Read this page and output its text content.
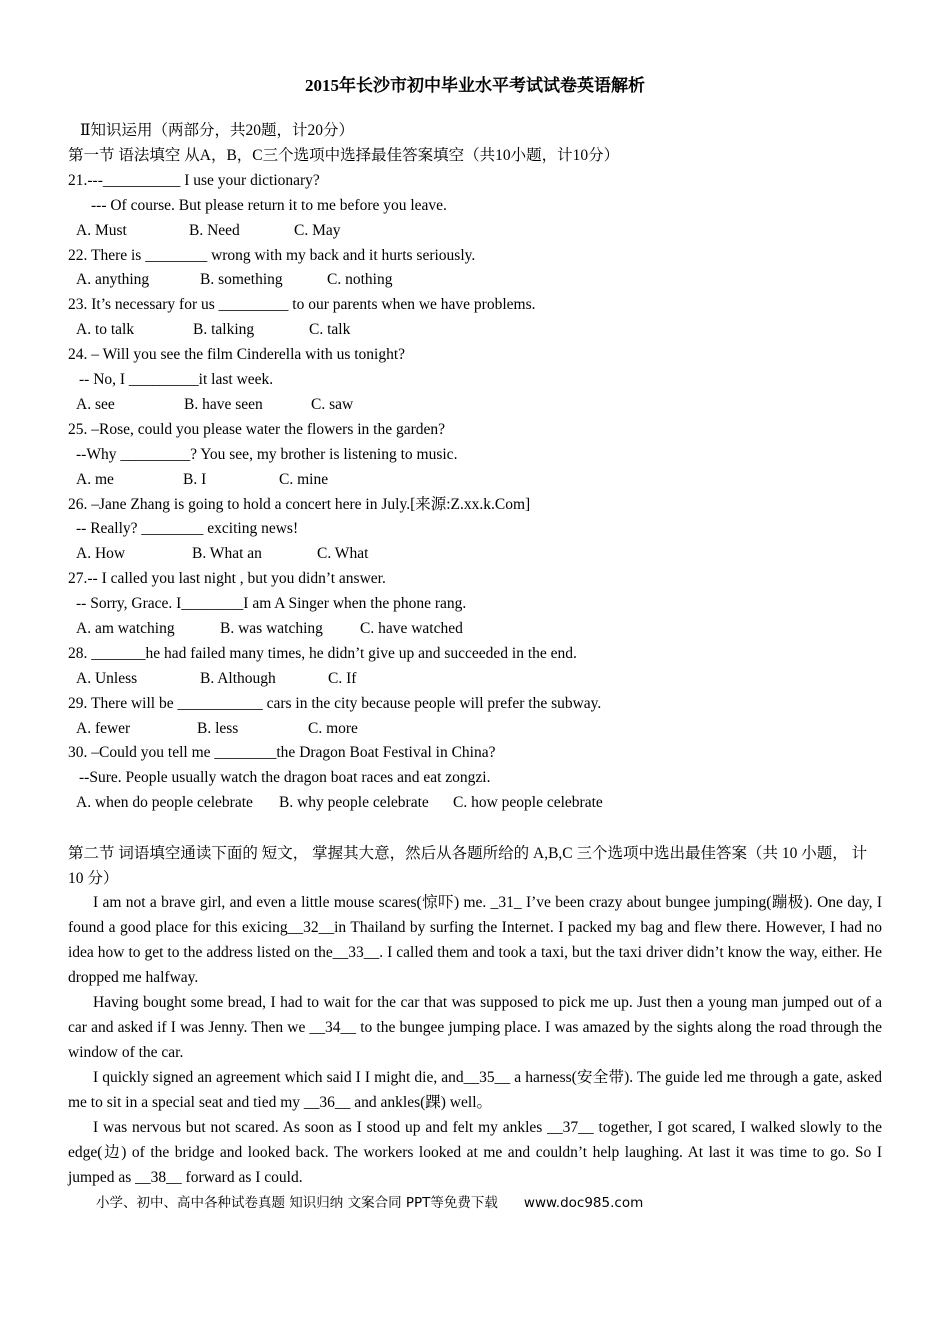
2015年长沙市初中毕业水平考试试卷英语解析
Ⅱ知识运用（两部分，共20题，计20分）
第一节 语法填空 从A，B，C三个选项中选择最佳答案填空（共10小题，计10分）
21.---__________ I use your dictionary?
--- Of course. But please return it to me before you leave.
A. Must	B. Need	C. May
22. There is ________ wrong with my back and it hurts seriously.
A. anything	B. something	C. nothing
23. It’s necessary for us _________ to our parents when we have problems.
A. to talk	B. talking	C. talk
24. – Will you see the film Cinderella with us tonight?
-- No, I _________it last week.
A. see	B. have seen	C. saw
25. –Rose, could you please water the flowers in the garden?
--Why _________? You see, my brother is listening to music.
A. me	B. I	C. mine
26. –Jane Zhang is going to hold a concert here in July.[来源:Z.xx.k.Com]
-- Really? ________ exciting news!
A. How	B. What an	C. What
27.-- I called you last night , but you didn’t answer.
-- Sorry, Grace. I________I am A Singer when the phone rang.
A. am watching	B. was watching C. have watched
28. _______he had failed many times, he didn’t give up and succeeded in the end.
A. Unless	B. Although	C. If
29. There will be ___________ cars in the city because people will prefer the subway.
A. fewer	B. less	C. more
30. –Could you tell me ________the Dragon Boat Festival in China?
--Sure. People usually watch the dragon boat races and eat zongzi.
A. when do people celebrate B. why people celebrate C. how people celebrate
第二节 词语填空通读下面的 短文， 掌握其大意，然后从各题所给的 A,B,C 三个选项中选出最佳答案（共 10 小题， 计 10 分）
I am not a brave girl, and even a little mouse scares(惊吓) me. _31_ I’ve been crazy about bungee jumping(蹦极). One day, I found a good place for this exicing__32__in Thailand by surfing the Internet. I packed my bag and flew there. However, I had no idea how to get to the address listed on the__33__. I called them and took a taxi, but the taxi driver didn’t know the way, either. He dropped me halfway.
Having bought some bread, I had to wait for the car that was supposed to pick me up. Just then a young man jumped out of a car and asked if I was Jenny. Then we __34__ to the bungee jumping place. I was amazed by the sights along the road through the window of the car.
I quickly signed an agreement which said I I might die, and__35__ a harness(安全带). The guide led me through a gate, asked me to sit in a special seat and tied my __36__ and ankles(踝) well。
I was nervous but not scared. As soon as I stood up and felt my ankles __37__ together, I got scared, I walked slowly to the edge(边) of the bridge and looked back. The workers looked at me and couldn’t help laughing. At last it was time to go. So I jumped as __38__ forward as I could.
小学、初中、高中各种试卷真题 知识归纳 文案合同 PPT等免费下载 www.doc985.com
